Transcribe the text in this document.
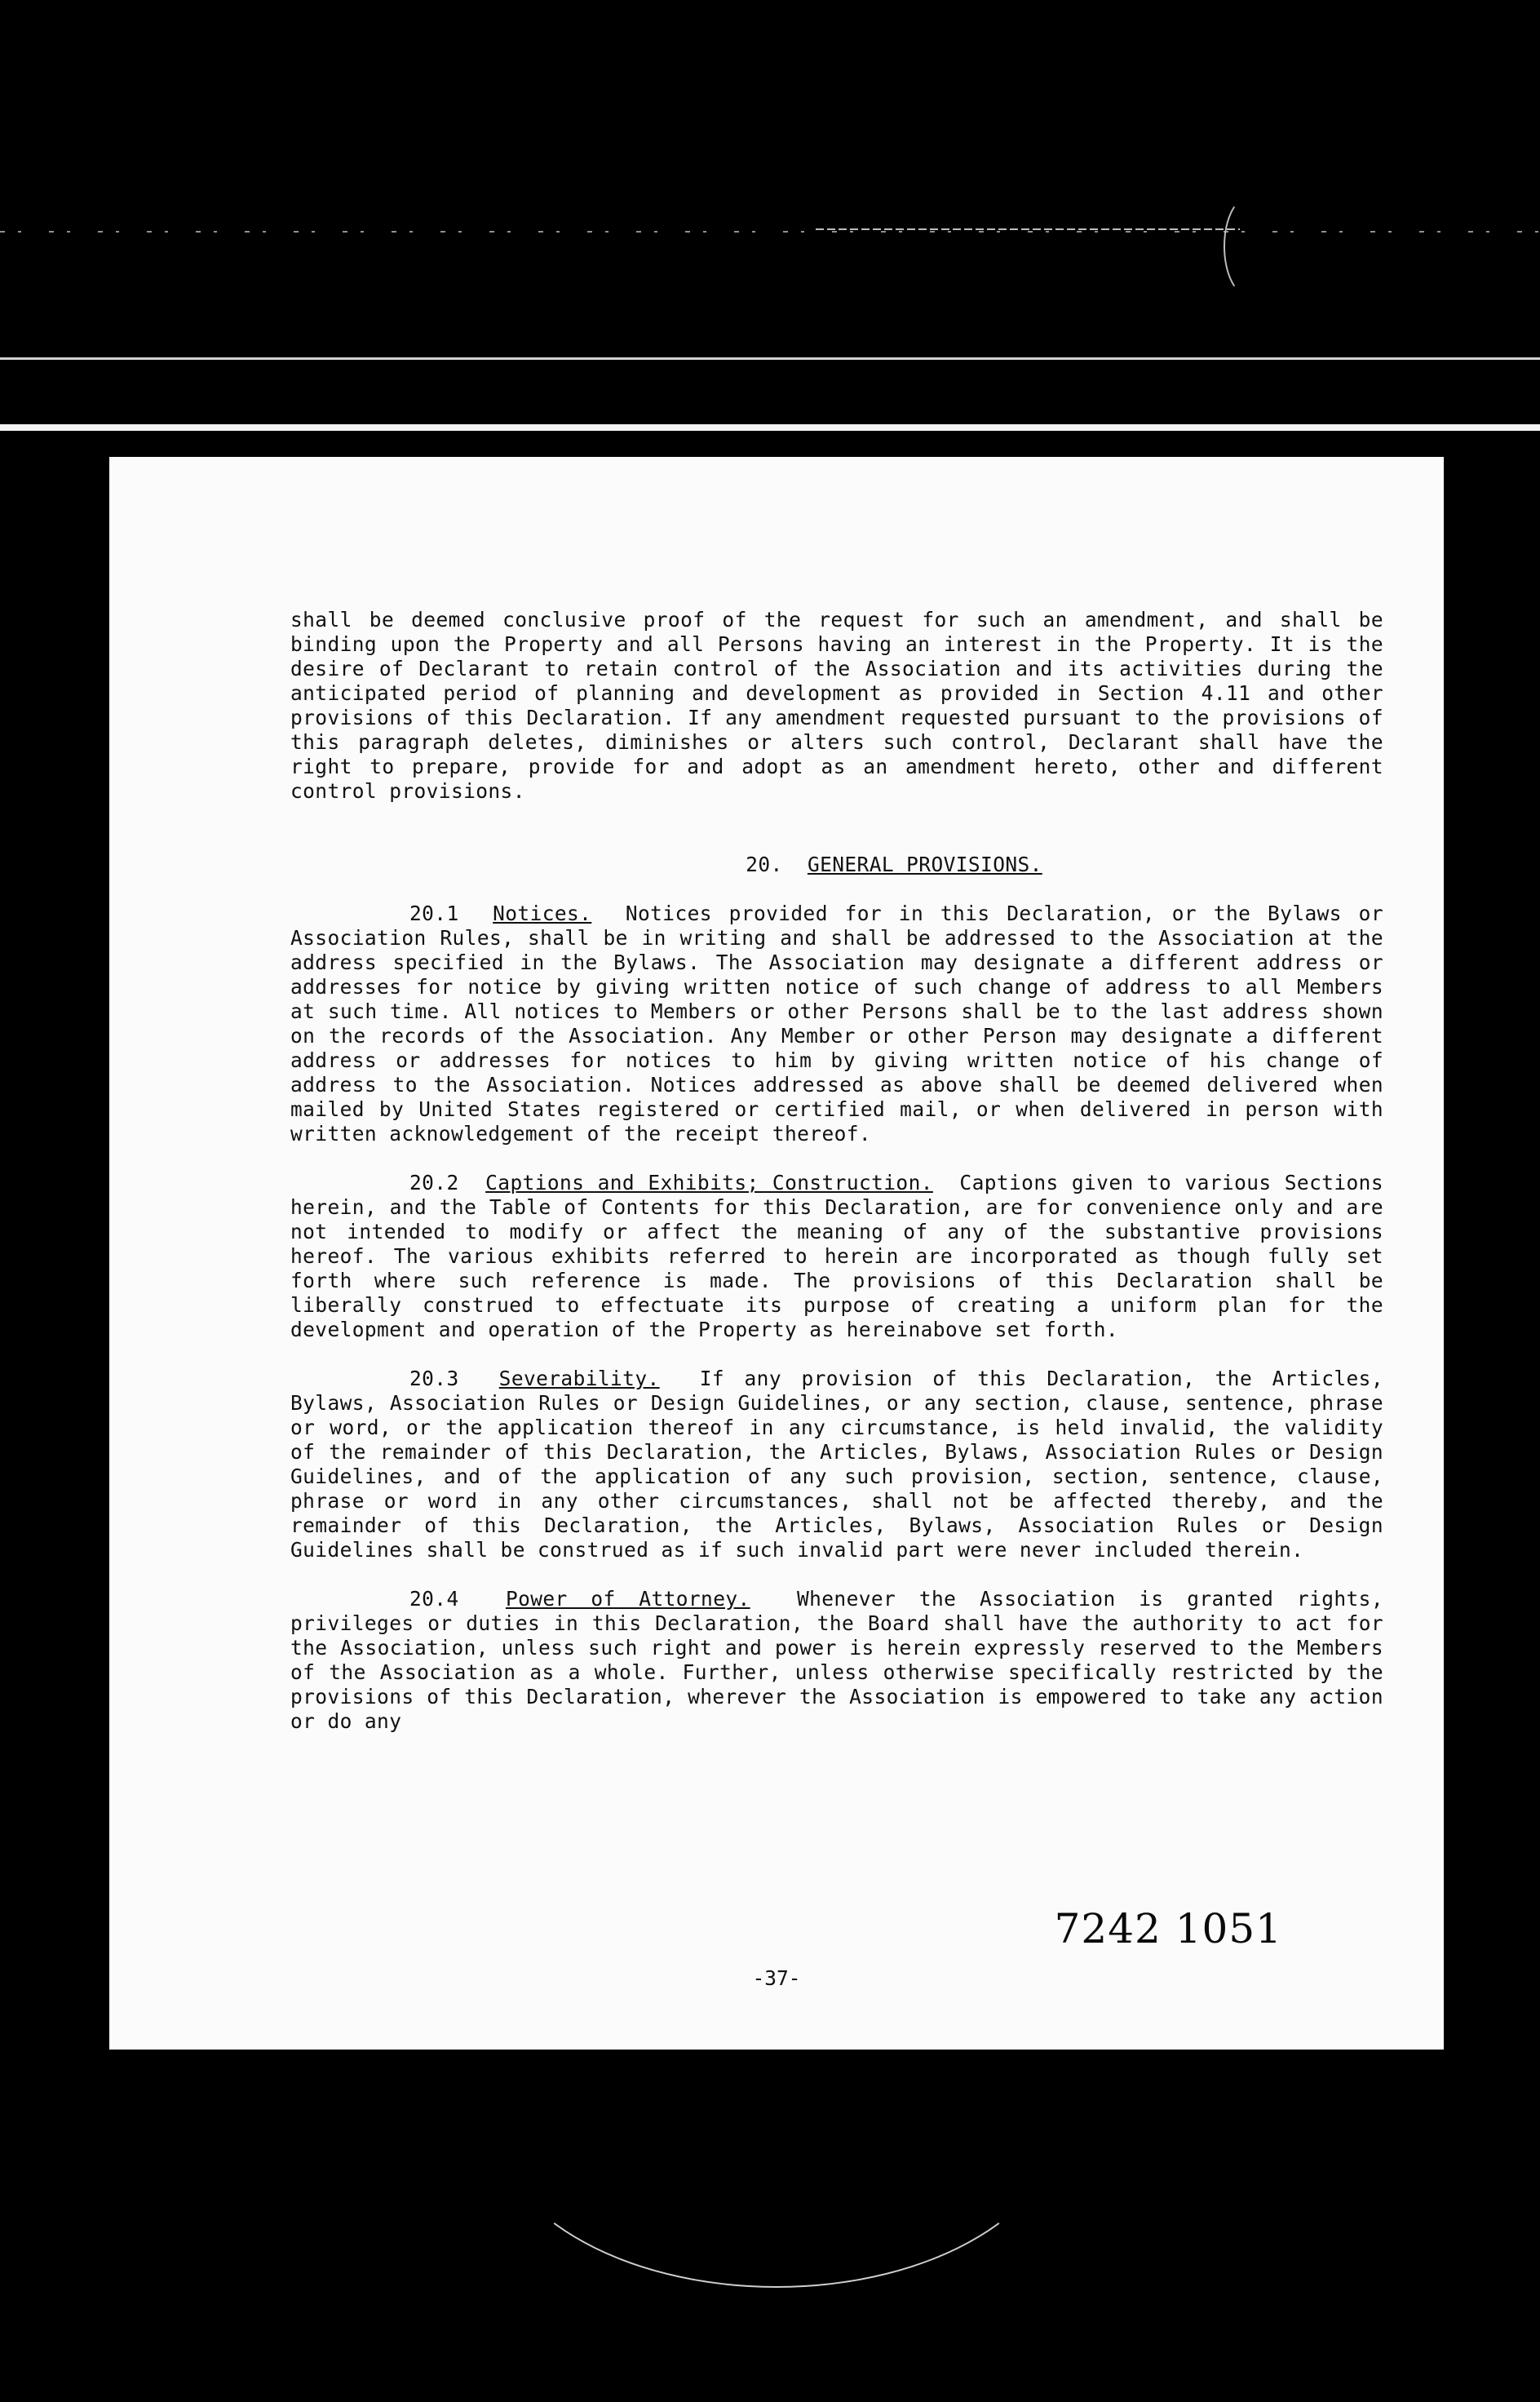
shall be deemed conclusive proof of the request for such an amendment, and shall be binding upon the Property and all Persons having an interest in the Property. It is the desire of Declarant to retain control of the Association and its activities during the anticipated period of planning and development as provided in Section 4.11 and other provisions of this Declaration. If any amendment requested pursuant to the provisions of this paragraph deletes, diminishes or alters such control, Declarant shall have the right to prepare, provide for and adopt as an amendment hereto, other and different control provisions.

20. GENERAL PROVISIONS.

20.1 Notices. Notices provided for in this Declaration, or the Bylaws or Association Rules, shall be in writing and shall be addressed to the Association at the address specified in the Bylaws. The Association may designate a different address or addresses for notice by giving written notice of such change of address to all Members at such time. All notices to Members or other Persons shall be to the last address shown on the records of the Association. Any Member or other Person may designate a different address or addresses for notices to him by giving written notice of his change of address to the Association. Notices addressed as above shall be deemed delivered when mailed by United States registered or certified mail, or when delivered in person with written acknowledgement of the receipt thereof.

20.2 Captions and Exhibits; Construction. Captions given to various Sections herein, and the Table of Contents for this Declaration, are for convenience only and are not intended to modify or affect the meaning of any of the substantive provisions hereof. The various exhibits referred to herein are incorporated as though fully set forth where such reference is made. The provisions of this Declaration shall be liberally construed to effectuate its purpose of creating a uniform plan for the development and operation of the Property as hereinabove set forth.

20.3 Severability. If any provision of this Declaration, the Articles, Bylaws, Association Rules or Design Guidelines, or any section, clause, sentence, phrase or word, or the application thereof in any circumstance, is held invalid, the validity of the remainder of this Declaration, the Articles, Bylaws, Association Rules or Design Guidelines, and of the application of any such provision, section, sentence, clause, phrase or word in any other circumstances, shall not be affected thereby, and the remainder of this Declaration, the Articles, Bylaws, Association Rules or Design Guidelines shall be construed as if such invalid part were never included therein.

20.4 Power of Attorney. Whenever the Association is granted rights, privileges or duties in this Declaration, the Board shall have the authority to act for the Association, unless such right and power is herein expressly reserved to the Members of the Association as a whole. Further, unless otherwise specifically restricted by the provisions of this Declaration, wherever the Association is empowered to take any action or do any

7242 1051
-37-
